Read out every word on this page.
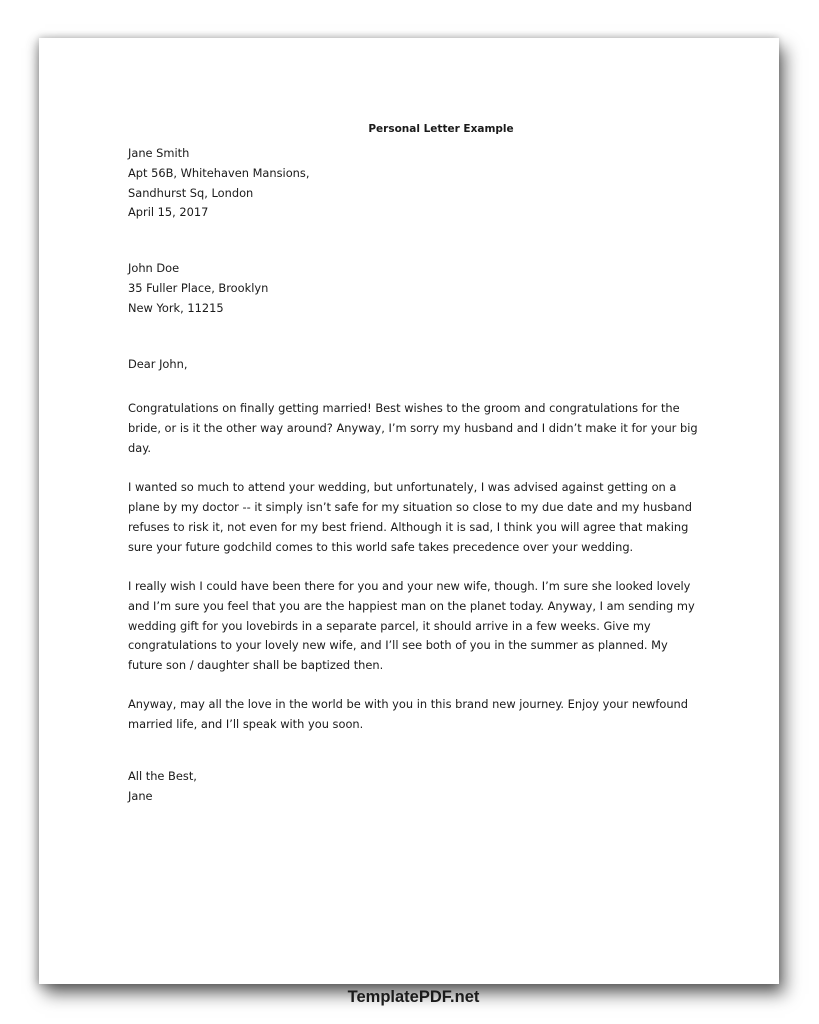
Personal Letter Example
Jane Smith
Apt 56B, Whitehaven Mansions,
Sandhurst Sq, London
April 15, 2017
John Doe
35 Fuller Place, Brooklyn
New York, 11215
Dear John,
Congratulations on finally getting married! Best wishes to the groom and congratulations for the
bride, or is it the other way around? Anyway, I’m sorry my husband and I didn’t make it for your big
day.
I wanted so much to attend your wedding, but unfortunately, I was advised against getting on a
plane by my doctor -- it simply isn’t safe for my situation so close to my due date and my husband
refuses to risk it, not even for my best friend. Although it is sad, I think you will agree that making
sure your future godchild comes to this world safe takes precedence over your wedding.
I really wish I could have been there for you and your new wife, though. I’m sure she looked lovely
and I’m sure you feel that you are the happiest man on the planet today. Anyway, I am sending my
wedding gift for you lovebirds in a separate parcel, it should arrive in a few weeks. Give my
congratulations to your lovely new wife, and I’ll see both of you in the summer as planned. My
future son / daughter shall be baptized then.
Anyway, may all the love in the world be with you in this brand new journey. Enjoy your newfound
married life, and I’ll speak with you soon.
All the Best,
Jane
TemplatePDF.net
